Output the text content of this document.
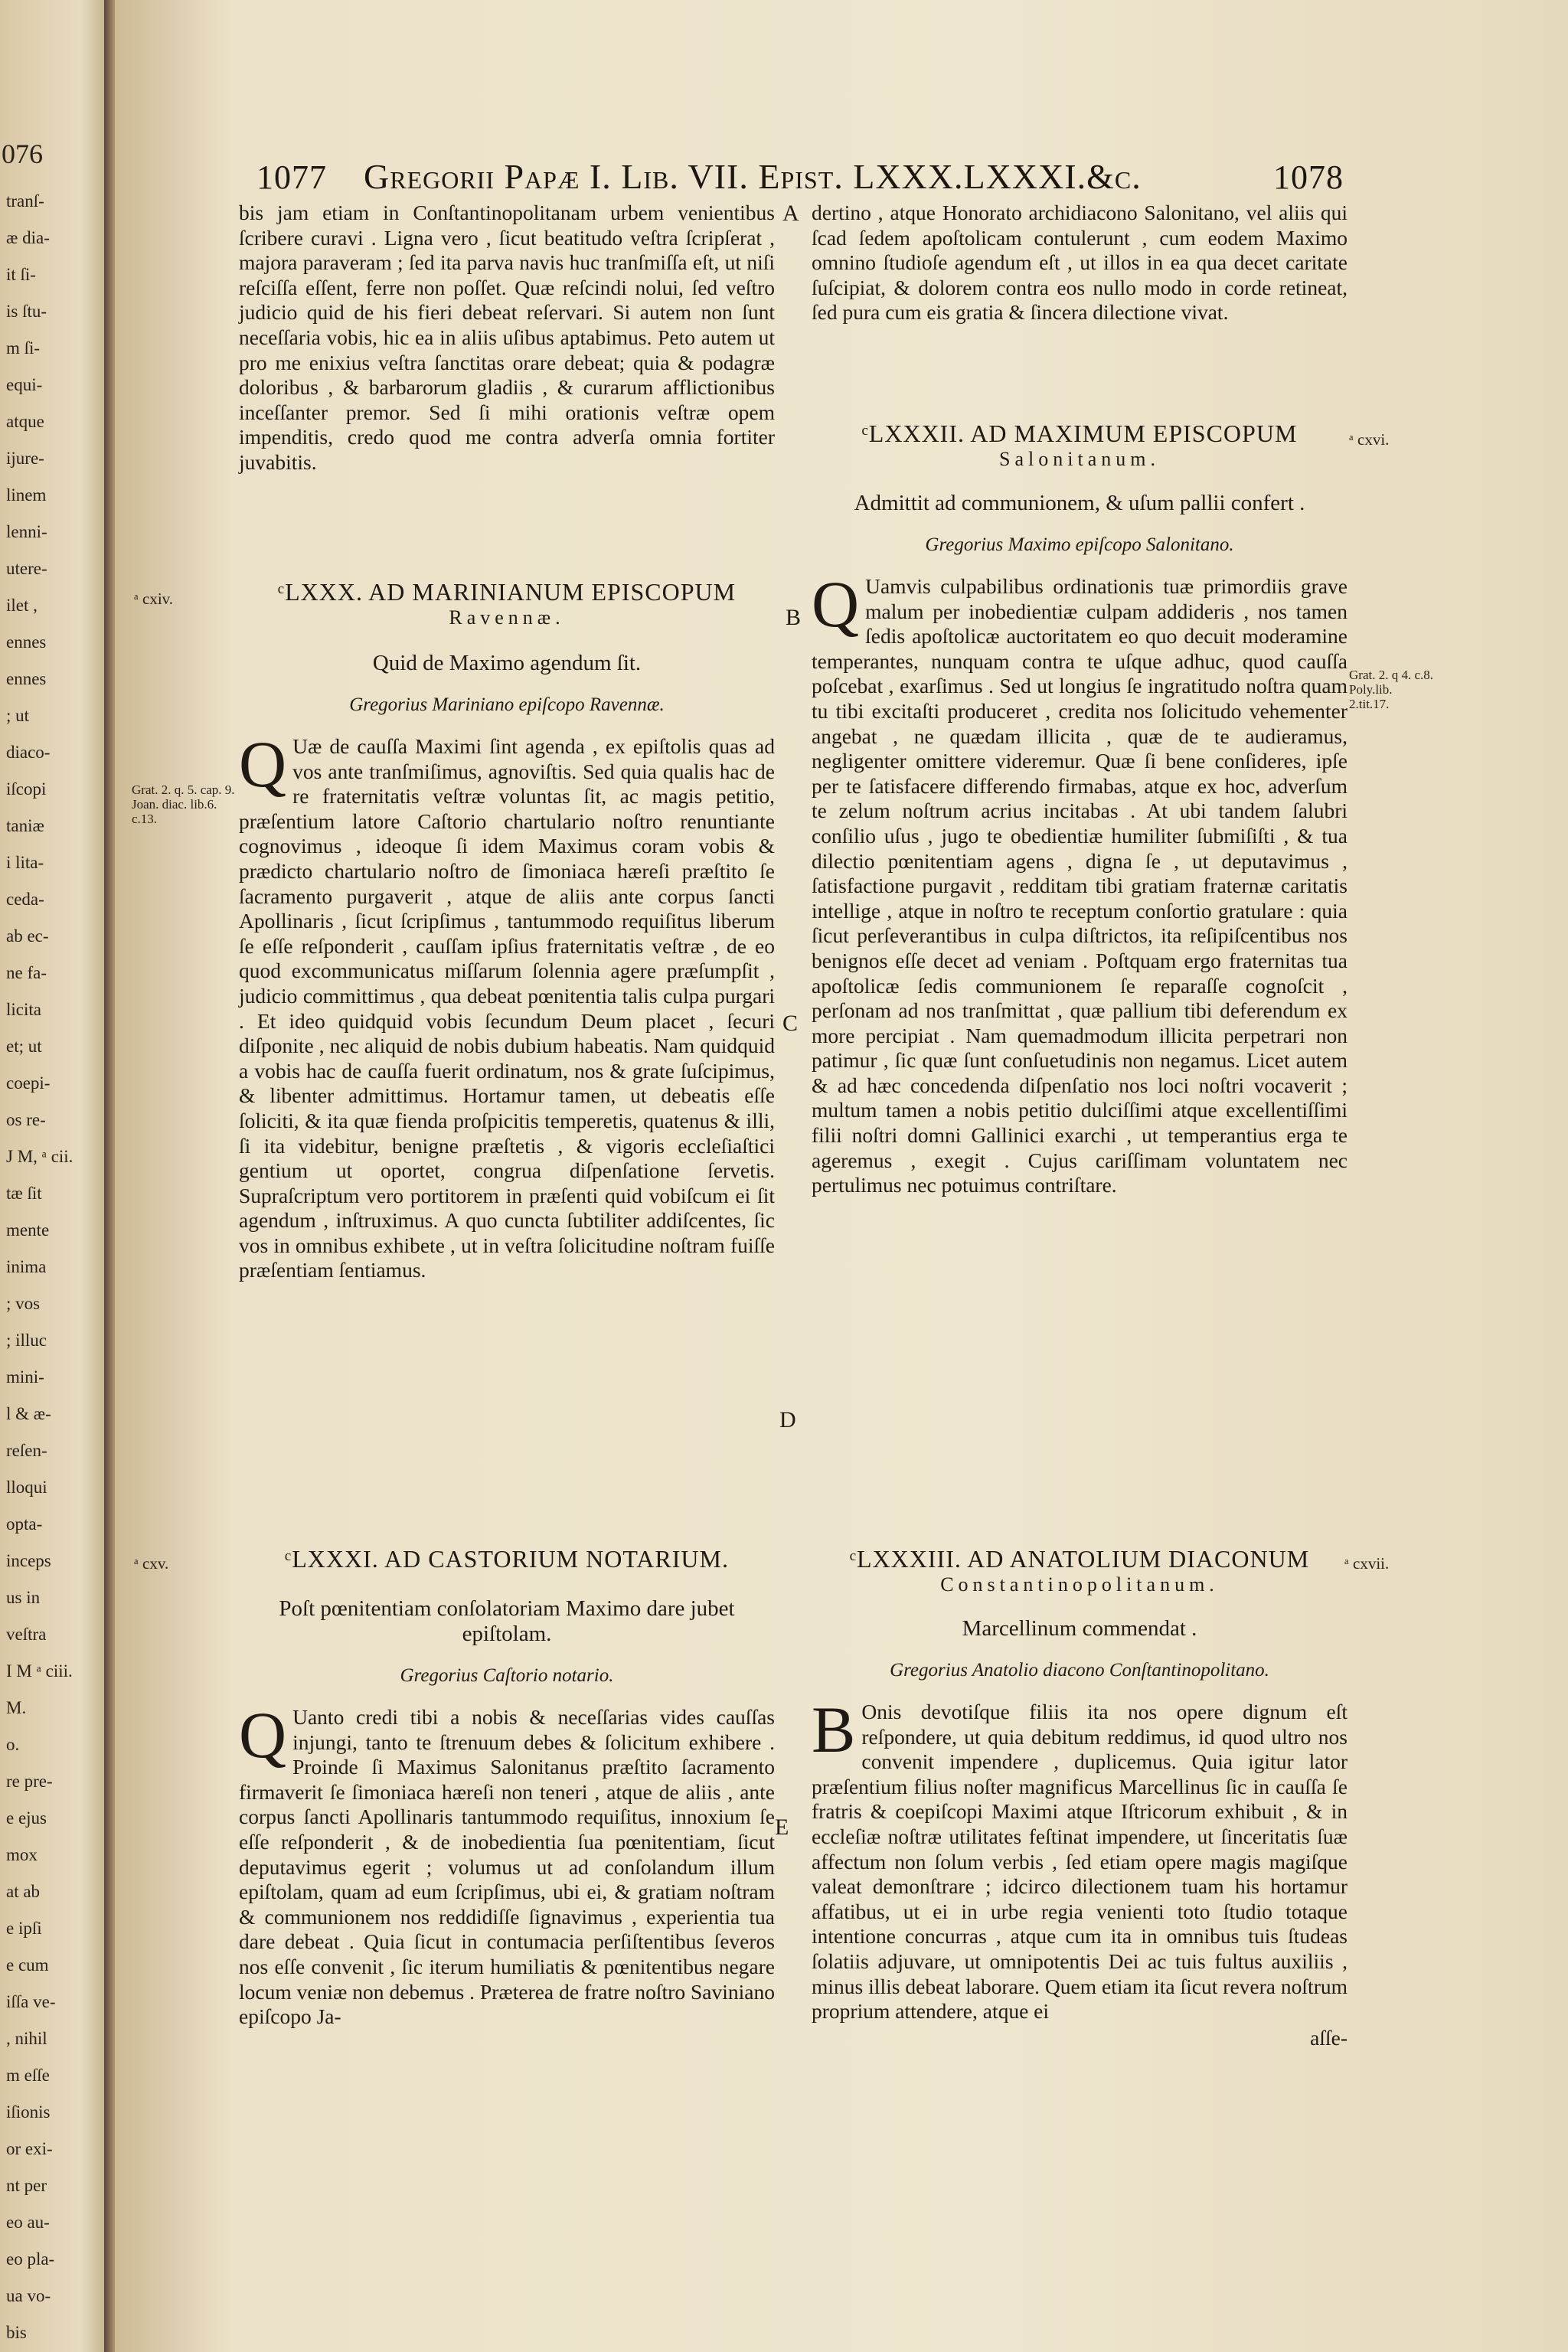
076
tranſ-
æ dia-
it ſi-
is ſtu-
m ſi-
equi-
atque
ijure-
linem
lenni-
utere-
ilet ,
ennes
ennes
; ut
diaco-
iſcopi
taniæ
i lita-
ceda-
ab ec-
ne fa-
licita
et; ut
coepi-
os re-
J M, ᵃ cii.
tæ ſit
mente
inima
; vos
; illuc
mini-
l & æ-
reſen-
lloqui
opta-
inceps
us in
veſtra
I M ᵃ ciii.
M.
o.
re pre-
e ejus
mox
at ab
e ipſi
e cum
iſſa ve-
, nihil
m eſſe
iſionis
or exi-
nt per
eo au-
eo pla-
ua vo-
bis
1077 Gregorii Papæ I. Lib. VII. Epist. LXXX.LXXXI.&c.	1078

bis jam etiam in Conſtantinopolitanam urbem venientibus ſcribere curavi . Ligna vero , ſicut beatitudo veſtra ſcripſerat , majora paraveram ; ſed ita parva navis huc tranſmiſſa eſt, ut niſi reſciſſa eſſent, ferre non poſſet. Quæ reſcindi nolui, ſed veſtro judicio quid de his fieri debeat reſervari. Si autem non ſunt neceſſaria vobis, hic ea in aliis uſibus aptabimus. Peto autem ut pro me enixius veſtra ſanctitas orare debeat; quia & podagræ doloribus , & barbarorum gladiis , & curarum afflictionibus inceſſanter premor. Sed ſi mihi orationis veſtræ opem impenditis, credo quod me contra adverſa omnia fortiter juvabitis.

ᵃ cxiv.	ᶜLXXX. AD MARINIANUM EPISCOPUM
Ravennæ.
Quid de Maximo agendum ſit.
Gregorius Mariniano epiſcopo Ravennæ.
Q Uæ de cauſſa Maximi ſint agenda , ex epiſtolis quas ad vos ante tranſmiſimus, agnoviſtis. Sed quia qualis hac de re fraternitatis veſtræ voluntas ſit, ac magis petitio, præſentium latore Caſtorio chartulario noſtro renuntiante cognovimus , ideoque ſi idem Maximus coram vobis & prædicto chartulario noſtro de ſimoniaca hæreſi præſtito ſe ſacramento purgaverit , atque de aliis ante corpus ſancti Apollinaris , ſicut ſcripſimus , tantummodo requiſitus liberum ſe eſſe reſponderit , cauſſam ipſius fraternitatis veſtræ , de eo quod excommunicatus miſſarum ſolennia agere præſumpſit , judicio committimus , qua debeat pœnitentia talis culpa purgari . Et ideo quidquid vobis ſecundum Deum placet , ſecuri diſponite , nec aliquid de nobis dubium habeatis. Nam quidquid a vobis hac de cauſſa fuerit ordinatum, nos & grate ſuſcipimus, & libenter admittimus. Hortamur tamen, ut debeatis eſſe ſoliciti, & ita quæ fienda proſpicitis temperetis, quatenus & illi, ſi ita videbitur, benigne præſtetis , & vigoris eccleſiaſtici gentium ut oportet, congrua diſpenſatione ſervetis. Supraſcriptum vero portitorem in præſenti quid vobiſcum ei ſit agendum , inſtruximus. A quo cuncta ſubtiliter addiſcentes, ſic vos in omnibus exhibete , ut in veſtra ſolicitudine noſtram fuiſſe præſentiam ſentiamus.

Grat. 2. q. 5. cap. 9. Joan. diac. lib.6. c.13.
ᵃ cxv.	ᶜLXXXI. AD CASTORIUM NOTARIUM.
Poſt pœnitentiam conſolatoriam Maximo dare jubet epiſtolam.
Gregorius Caſtorio notario.
Q Uanto credi tibi a nobis & neceſſarias vides cauſſas injungi, tanto te ſtrenuum debes & ſolicitum exhibere . Proinde ſi Maximus Salonitanus præſtito ſacramento firmaverit ſe ſimoniaca hæreſi non teneri , atque de aliis , ante corpus ſancti Apollinaris tantummodo requiſitus, innoxium ſe eſſe reſponderit , & de inobedientia ſua pœnitentiam, ſicut deputavimus egerit ; volumus ut ad conſolandum illum epiſtolam, quam ad eum ſcripſimus, ubi ei, & gratiam noſtram & communionem nos reddidiſſe ſignavimus , experientia tua dare debeat . Quia ſicut in contumacia perſiſtentibus ſeveros nos eſſe convenit , ſic iterum humiliatis & pœnitentibus negare locum veniæ non debemus . Præterea de fratre noſtro Saviniano epiſcopo Ja-

A
B
C
D
E

dertino , atque Honorato archidiacono Salonitano, vel aliis qui ſcad ſedem apoſtolicam contulerunt , cum eodem Maximo omnino ſtudioſe agendum eſt , ut illos in ea qua decet caritate ſuſcipiat, & dolorem contra eos nullo modo in corde retineat, ſed pura cum eis gratia & ſincera dilectione vivat.

ᵃ cxvi.
ᶜLXXXII. AD MAXIMUM EPISCOPUM
Salonitanum.
Admittit ad communionem, & uſum pallii confert .
Gregorius Maximo epiſcopo Salonitano.
Q Uamvis culpabilibus ordinationis tuæ primordiis grave malum per inobedientiæ culpam addideris , nos tamen ſedis apoſtolicæ auctoritatem eo quo decuit moderamine temperantes, nunquam contra te uſque adhuc, quod cauſſa poſcebat , exarſimus . Sed ut longius ſe ingratitudo noſtra quam tu tibi excitaſti produceret , credita nos ſolicitudo vehementer angebat , ne quædam illicita , quæ de te audieramus, negligenter omittere videremur. Quæ ſi bene conſideres, ipſe per te ſatisfacere differendo firmabas, atque ex hoc, adverſum te zelum noſtrum acrius incitabas . At ubi tandem ſalubri conſilio uſus , jugo te obedientiæ humiliter ſubmiſiſti , & tua dilectio pœnitentiam agens , digna ſe , ut deputavimus , ſatisfactione purgavit , redditam tibi gratiam fraternæ caritatis intellige , atque in noſtro te receptum conſortio gratulare : quia ſicut perſeverantibus in culpa diſtrictos, ita reſipiſcentibus nos benignos eſſe decet ad veniam . Poſtquam ergo fraternitas tua apoſtolicæ ſedis communionem ſe reparaſſe cognoſcit , perſonam ad nos tranſmittat , quæ pallium tibi deferendum ex more percipiat . Nam quemadmodum illicita perpetrari non patimur , ſic quæ ſunt conſuetudinis non negamus. Licet autem & ad hæc concedenda diſpenſatio nos loci noſtri vocaverit ; multum tamen a nobis petitio dulciſſimi atque excellentiſſimi filii noſtri domni Gallinici exarchi , ut temperantius erga te ageremus , exegit . Cujus cariſſimam voluntatem nec pertulimus nec potuimus contriſtare.

Grat. 2. q 4. c.8. Poly.lib. 2.tit.17.
ᵃ cxvii.
ᶜLXXXIII. AD ANATOLIUM DIACONUM
Constantinopolitanum.
Marcellinum commendat .
Gregorius Anatolio diacono Conſtantinopolitano.
B Onis devotiſque filiis ita nos opere dignum eſt reſpondere, ut quia debitum reddimus, id quod ultro nos convenit impendere , duplicemus. Quia igitur lator præſentium filius noſter magnificus Marcellinus ſic in cauſſa ſe fratris & coepiſcopi Maximi atque Iſtricorum exhibuit , & in eccleſiæ noſtræ utilitates feſtinat impendere, ut ſinceritatis ſuæ affectum non ſolum verbis , ſed etiam opere magis magiſque valeat demonſtrare ; idcirco dilectionem tuam his hortamur affatibus, ut ei in urbe regia venienti toto ſtudio totaque intentione concurras , atque cum ita in omnibus tuis ſtudeas ſolatiis adjuvare, ut omnipotentis Dei ac tuis fultus auxiliis , minus illis debeat laborare. Quem etiam ita ſicut revera noſtrum proprium attendere, atque ei

aſſe-
